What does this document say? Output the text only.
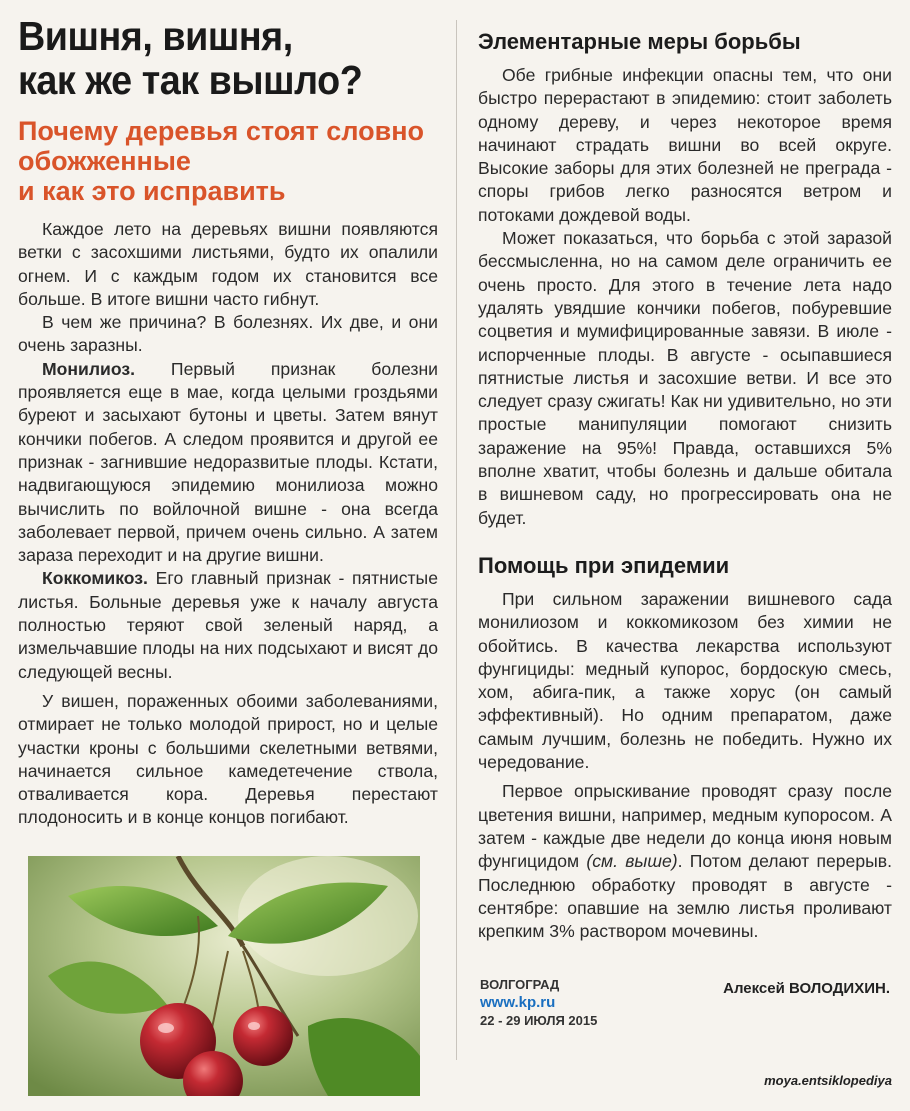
Вишня, вишня,
как же так вышло?
Почему деревья стоят словно
обожженные
и как это исправить

Каждое лето на деревьях вишни появляются ветки с засохшими листьями, будто их опалили огнем. И с каждым годом их становится все больше. В итоге вишни часто гибнут.

В чем же причина? В болезнях. Их две, и они очень заразны.

Монилиоз. Первый признак болезни проявляется еще в мае, когда целыми гроздьями буреют и засыхают бутоны и цветы. Затем вянут кончики побегов. А следом проявится и другой ее признак - загнившие недоразвитые плоды. Кстати, надвигающуюся эпидемию монилиоза можно вычислить по войлочной вишне - она всегда заболевает первой, причем очень сильно. А затем зараза переходит и на другие вишни.

Коккомикоз. Его главный признак - пятнистые листья. Больные деревья уже к началу августа полностью теряют свой зеленый наряд, а измельчавшие плоды на них подсыхают и висят до следующей весны.

У вишен, пораженных обоими заболеваниями, отмирает не только молодой прирост, но и целые участки кроны с большими скелетными ветвями, начинается сильное камедетечение ствола, отваливается кора. Деревья перестают плодоносить и в конце концов погибают.

Элементарные меры борьбы

Обе грибные инфекции опасны тем, что они быстро перерастают в эпидемию: стоит заболеть одному дереву, и через некоторое время начинают страдать вишни во всей округе. Высокие заборы для этих болезней не преграда - споры грибов легко разносятся ветром и потоками дождевой воды.

Может показаться, что борьба с этой заразой бессмысленна, но на самом деле ограничить ее очень просто. Для этого в течение лета надо удалять увядшие кончики побегов, побуревшие соцветия и мумифицированные завязи. В июле - испорченные плоды. В августе - осыпавшиеся пятнистые листья и засохшие ветви. И все это следует сразу сжигать! Как ни удивительно, но эти простые манипуляции помогают снизить заражение на 95%! Правда, оставшихся 5% вполне хватит, чтобы болезнь и дальше обитала в вишневом саду, но прогрессировать она не будет.

Помощь при эпидемии

При сильном заражении вишневого сада монилиозом и коккомикозом без химии не обойтись. В качества лекарства используют фунгициды: медный купорос, бордоскую смесь, хом, абига-пик, а также хорус (он самый эффективный). Но одним препаратом, даже самым лучшим, болезнь не победить. Нужно их чередование.

Первое опрыскивание проводят сразу после цветения вишни, например, медным купоросом. А затем - каждые две недели до конца июня новым фунгицидом (см. выше). Потом делают перерыв. Последнюю обработку проводят в августе - сентябре: опавшие на землю листья проливают крепким 3% раствором мочевины.

ВОЛГОГРАД

www.kp.ru

22 - 29 ИЮЛЯ 2015

Алексей ВОЛОДИХИН.
moya.entsiklopediya
